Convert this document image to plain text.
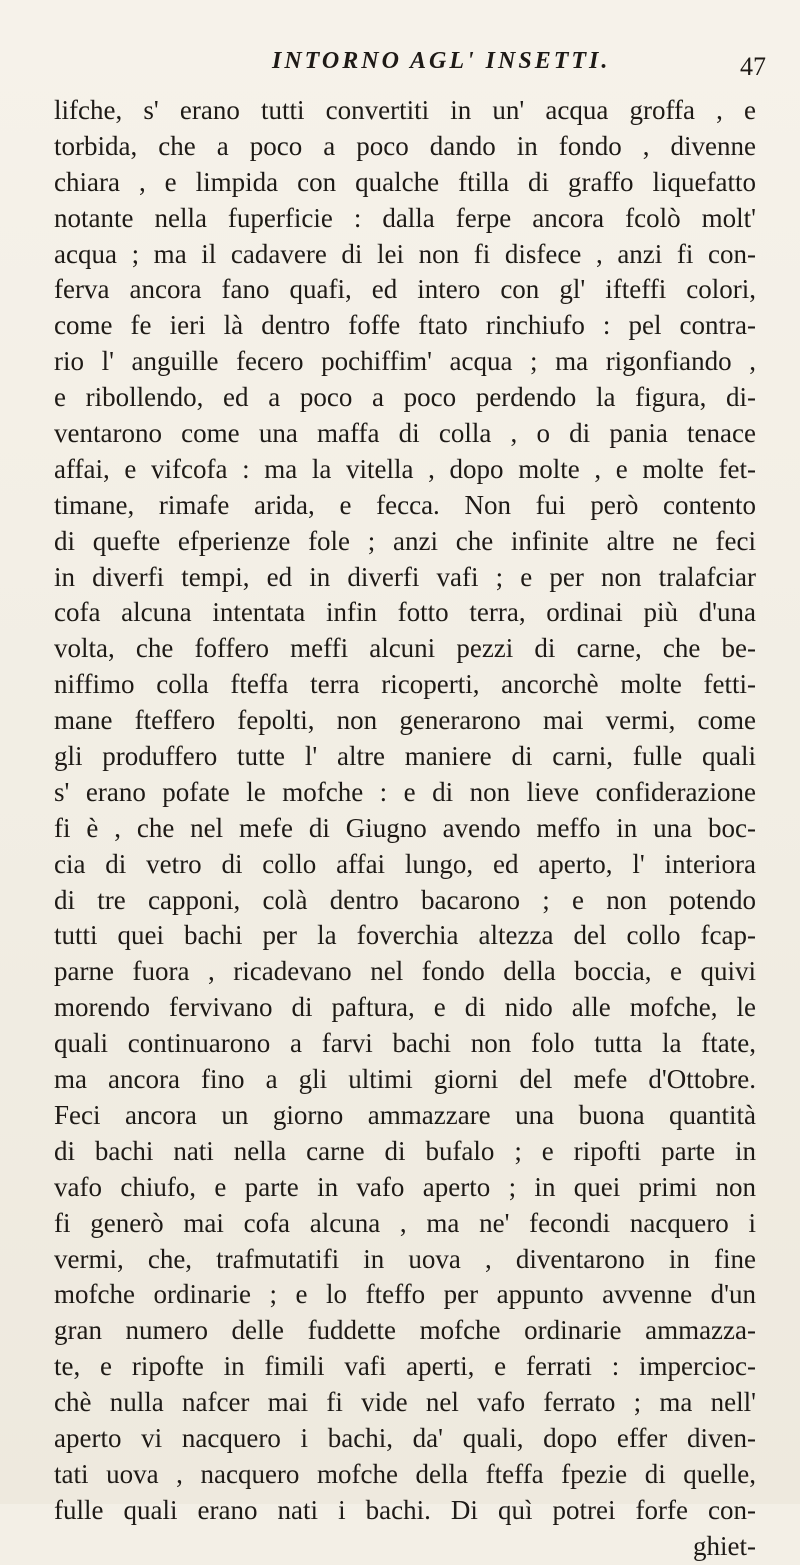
INTORNO AGL' INSETTI.	47
lifche, s' erano tutti convertiti in un' acqua groffa , e
torbida, che a poco a poco dando in fondo , divenne
chiara , e limpida con qualche ftilla di graffo liquefatto
notante nella fuperficie : dalla ferpe ancora fcolò molt'
acqua ; ma il cadavere di lei non fi disfece , anzi fi con-
ferva ancora fano quafi, ed intero con gl' ifteffi colori,
come fe ieri là dentro foffe ftato rinchiufo : pel contra-
rio l' anguille fecero pochiffim' acqua ; ma rigonfiando ,
e ribollendo, ed a poco a poco perdendo la figura, di-
ventarono come una maffa di colla , o di pania tenace
affai, e vifcofa : ma la vitella , dopo molte , e molte fet-
timane, rimafe arida, e fecca. Non fui però contento
di quefte efperienze fole ; anzi che infinite altre ne feci
in diverfi tempi, ed in diverfi vafi ; e per non tralafciar
cofa alcuna intentata infin fotto terra, ordinai più d'una
volta, che foffero meffi alcuni pezzi di carne, che be-
niffimo colla fteffa terra ricoperti, ancorchè molte fetti-
mane fteffero fepolti, non generarono mai vermi, come
gli produffero tutte l' altre maniere di carni, fulle quali
s' erano pofate le mofche : e di non lieve confiderazione
fi è , che nel mefe di Giugno avendo meffo in una boc-
cia di vetro di collo affai lungo, ed aperto, l' interiora
di tre capponi, colà dentro bacarono ; e non potendo
tutti quei bachi per la foverchia altezza del collo fcap-
parne fuora , ricadevano nel fondo della boccia, e quivi
morendo fervivano di paftura, e di nido alle mofche, le
quali continuarono a farvi bachi non folo tutta la ftate,
ma ancora fino a gli ultimi giorni del mefe d'Ottobre.
Feci ancora un giorno ammazzare una buona quantità
di bachi nati nella carne di bufalo ; e ripofti parte in
vafo chiufo, e parte in vafo aperto ; in quei primi non
fi generò mai cofa alcuna , ma ne' fecondi nacquero i
vermi, che, trafmutatifi in uova , diventarono in fine
mofche ordinarie ; e lo fteffo per appunto avvenne d'un
gran numero delle fuddette mofche ordinarie ammazza-
te, e ripofte in fimili vafi aperti, e ferrati : impercioc-
chè nulla nafcer mai fi vide nel vafo ferrato ; ma nell'
aperto vi nacquero i bachi, da' quali, dopo effer diven-
tati uova , nacquero mofche della fteffa fpezie di quelle,
fulle quali erano nati i bachi. Di quì potrei forfe con-
ghiet-
